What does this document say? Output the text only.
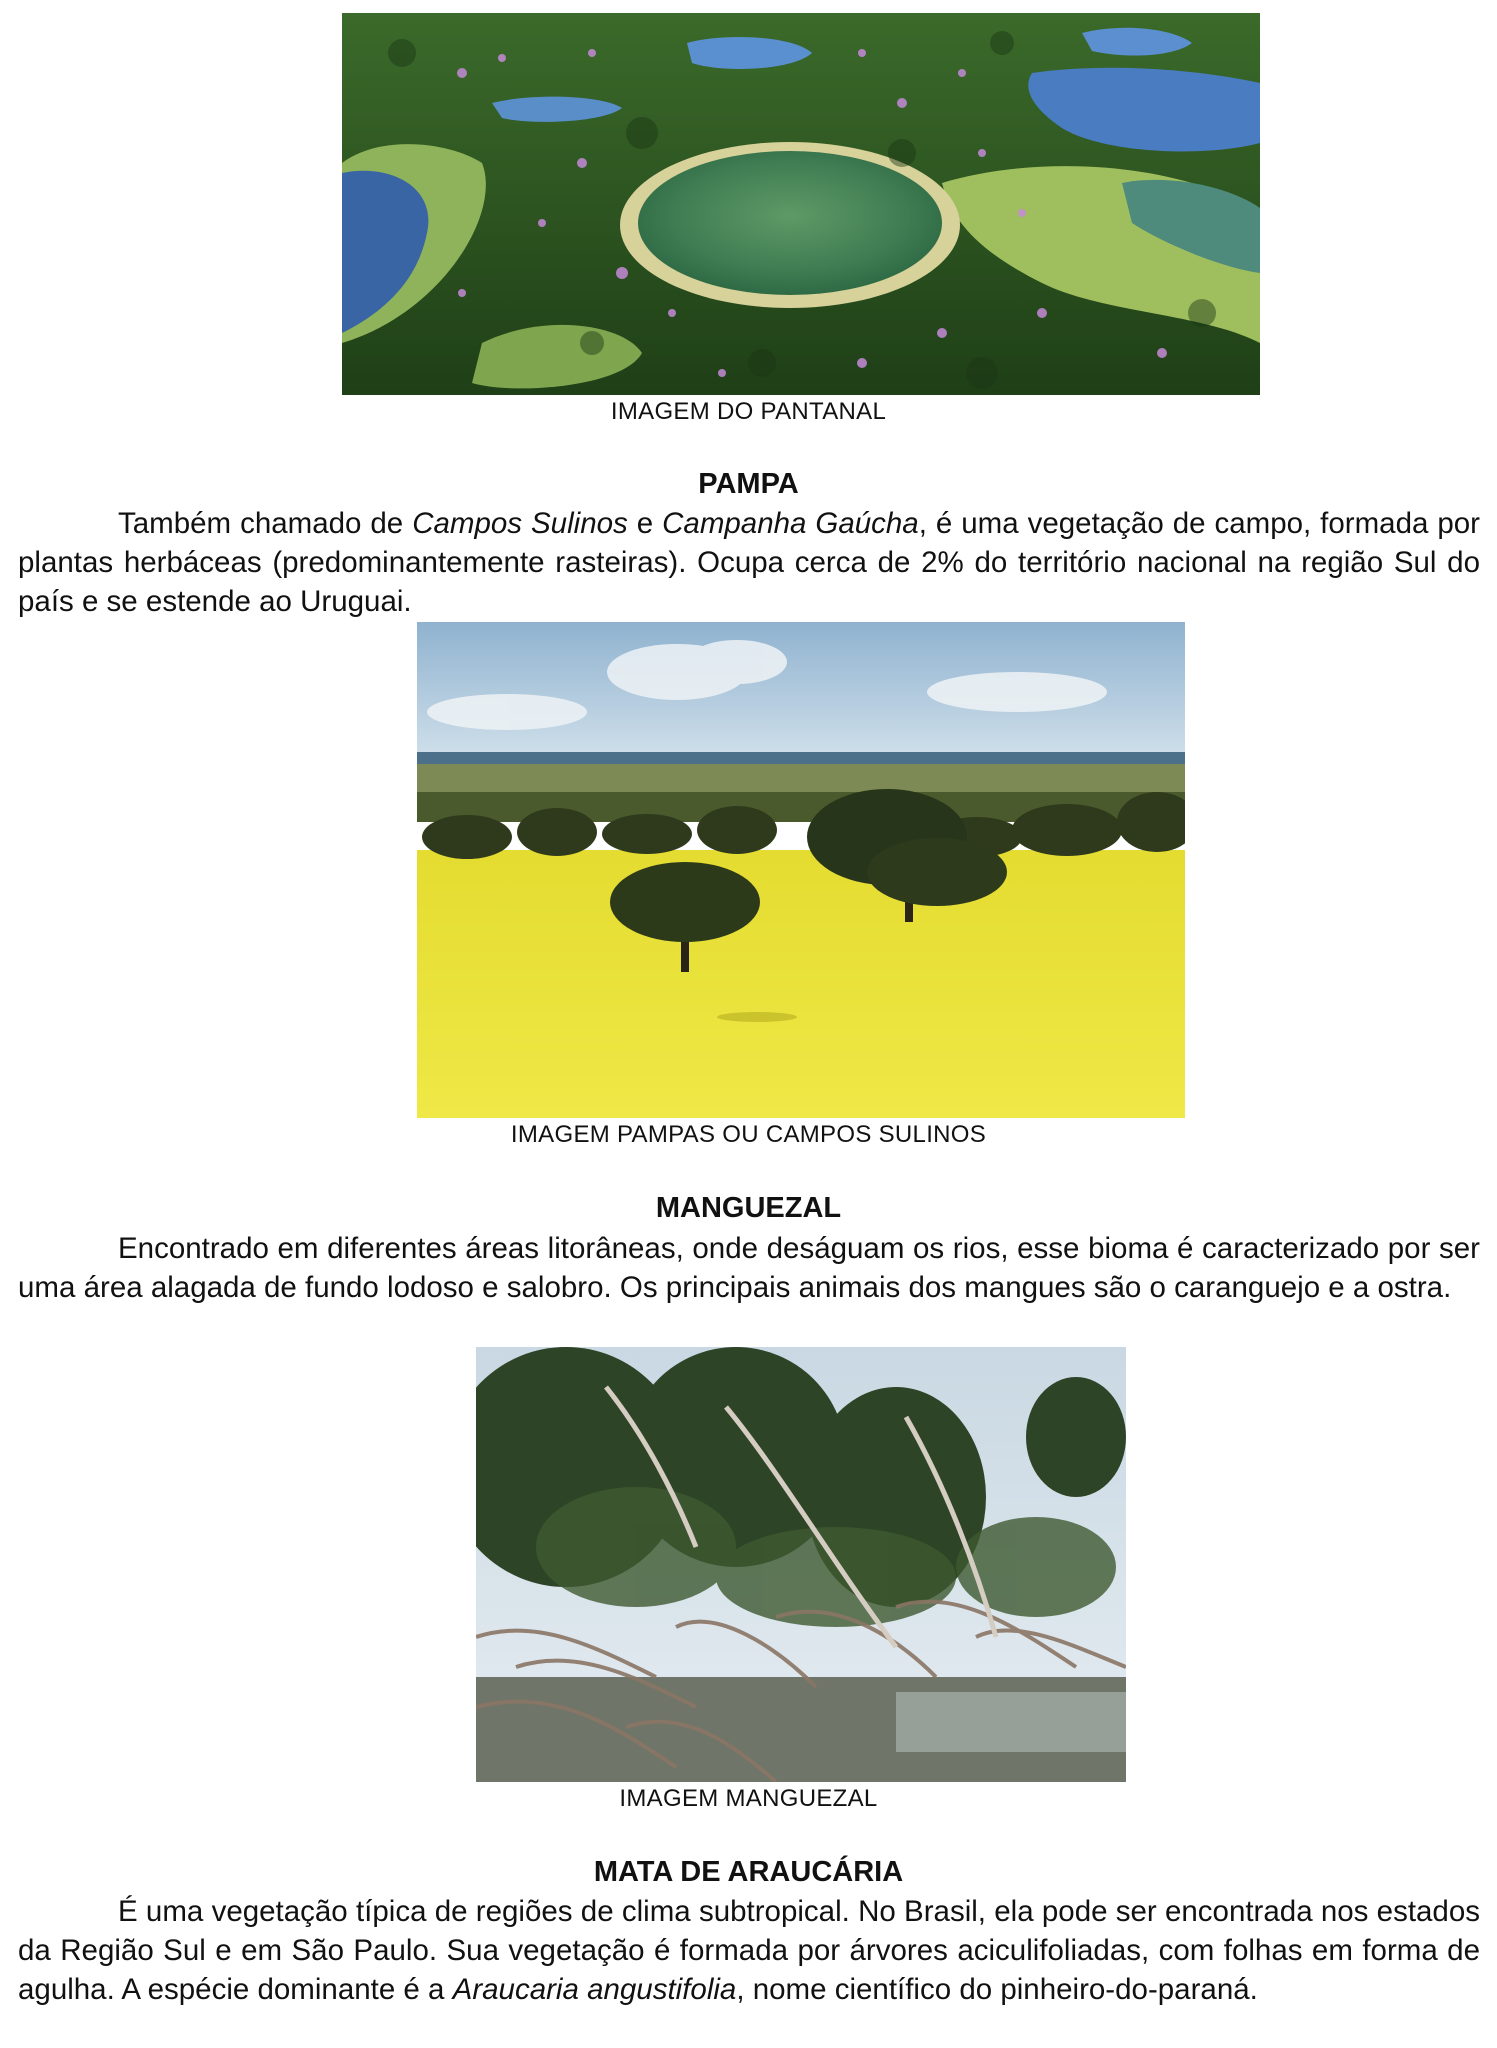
IMAGEM DO PANTANAL
PAMPA

Também chamado de Campos Sulinos e Campanha Gaúcha, é uma vegetação de campo, formada por plantas herbáceas (predominantemente rasteiras). Ocupa cerca de 2% do território nacional na região Sul do país e se estende ao Uruguai.

IMAGEM PAMPAS OU CAMPOS SULINOS
MANGUEZAL

Encontrado em diferentes áreas litorâneas, onde deságuam os rios, esse bioma é caracterizado por ser uma área alagada de fundo lodoso e salobro. Os principais animais dos mangues são o caranguejo e a ostra.

IMAGEM MANGUEZAL
MATA DE ARAUCÁRIA

É uma vegetação típica de regiões de clima subtropical. No Brasil, ela pode ser encontrada nos estados da Região Sul e em São Paulo. Sua vegetação é formada por árvores aciculifoliadas, com folhas em forma de agulha. A espécie dominante é a Araucaria angustifolia, nome científico do pinheiro-do-paraná.
